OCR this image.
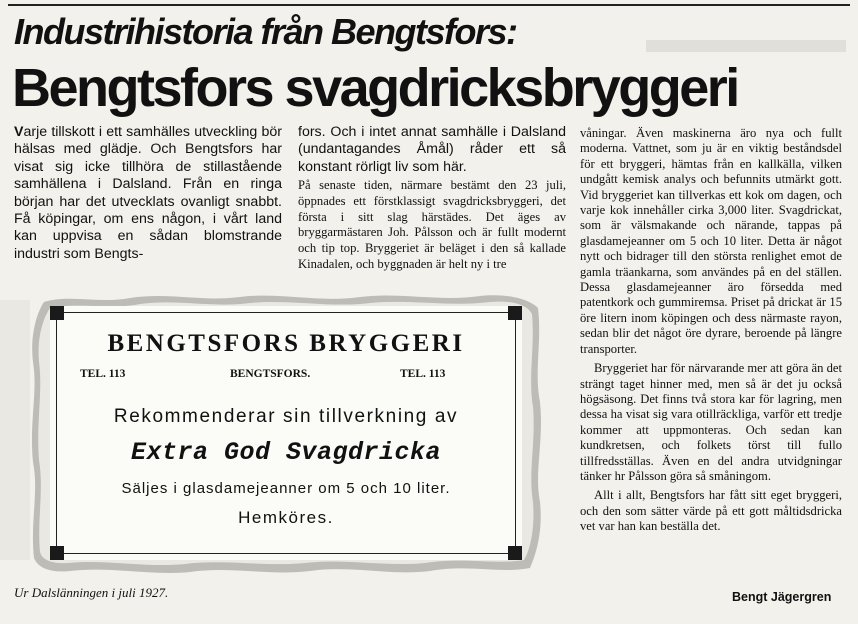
Industrihistoria från Bengtsfors:
Bengtsfors svagdricksbryggeri
Varje tillskott i ett samhälles utveckling bör hälsas med glädje. Och Bengtsfors har visat sig icke tillhöra de stillastående samhällena i Dalsland. Från en ringa början har det utvecklats ovanligt snabbt. Få köpingar, om ens någon, i vårt land kan uppvisa en sådan blomstrande industri som Bengts-

fors. Och i intet annat samhälle i Dalsland (undantagandes Åmål) råder ett så konstant rörligt liv som här.

På senaste tiden, närmare bestämt den 23 juli, öppnades ett förstklassigt svagdricksbryggeri, det första i sitt slag härstädes. Det äges av bryggarmästaren Joh. Pålsson och är fullt modernt och tip top. Bryggeriet är beläget i den så kallade Kinadalen, och byggnaden är helt ny i tre

våningar. Även maskinerna äro nya och fullt moderna. Vattnet, som ju är en viktig beståndsdel för ett bryggeri, hämtas från en kallkälla, vilken undgått kemisk analys och befunnits utmärkt gott. Vid bryggeriet kan tillverkas ett kok om dagen, och varje kok innehåller cirka 3,000 liter. Svagdrickat, som är välsmakande och närande, tappas på glasdamejeanner om 5 och 10 liter. Detta är något nytt och bidrager till den största renlighet emot de gamla träankarna, som användes på en del ställen. Dessa glasdamejeanner äro försedda med patentkork och gummiremsa. Priset på drickat är 15 öre litern inom köpingen och dess närmaste rayon, sedan blir det något öre dyrare, beroende på längre transporter.

Bryggeriet har för närvarande mer att göra än det strängt taget hinner med, men så är det ju också högsäsong. Det finns två stora kar för lagring, men dessa ha visat sig vara otillräckliga, varför ett tredje kommer att uppmonteras. Och sedan kan kundkretsen, och folkets törst till fullo tillfredsställas. Även en del andra utvidgningar tänker hr Pålsson göra så småningom.

Allt i allt, Bengtsfors har fått sitt eget bryggeri, och den som sätter värde på ett gott måltidsdricka vet var han kan beställa det.

BENGTSFORS BRYGGERI
TEL. 113	BENGTSFORS.	TEL. 113
Rekommenderar sin tillverkning av
Extra God Svagdricka
Säljes i glasdamejeanner om 5 och 10 liter.
Hemköres.
Ur Dalslänningen i juli 1927.	Bengt Jägergren
